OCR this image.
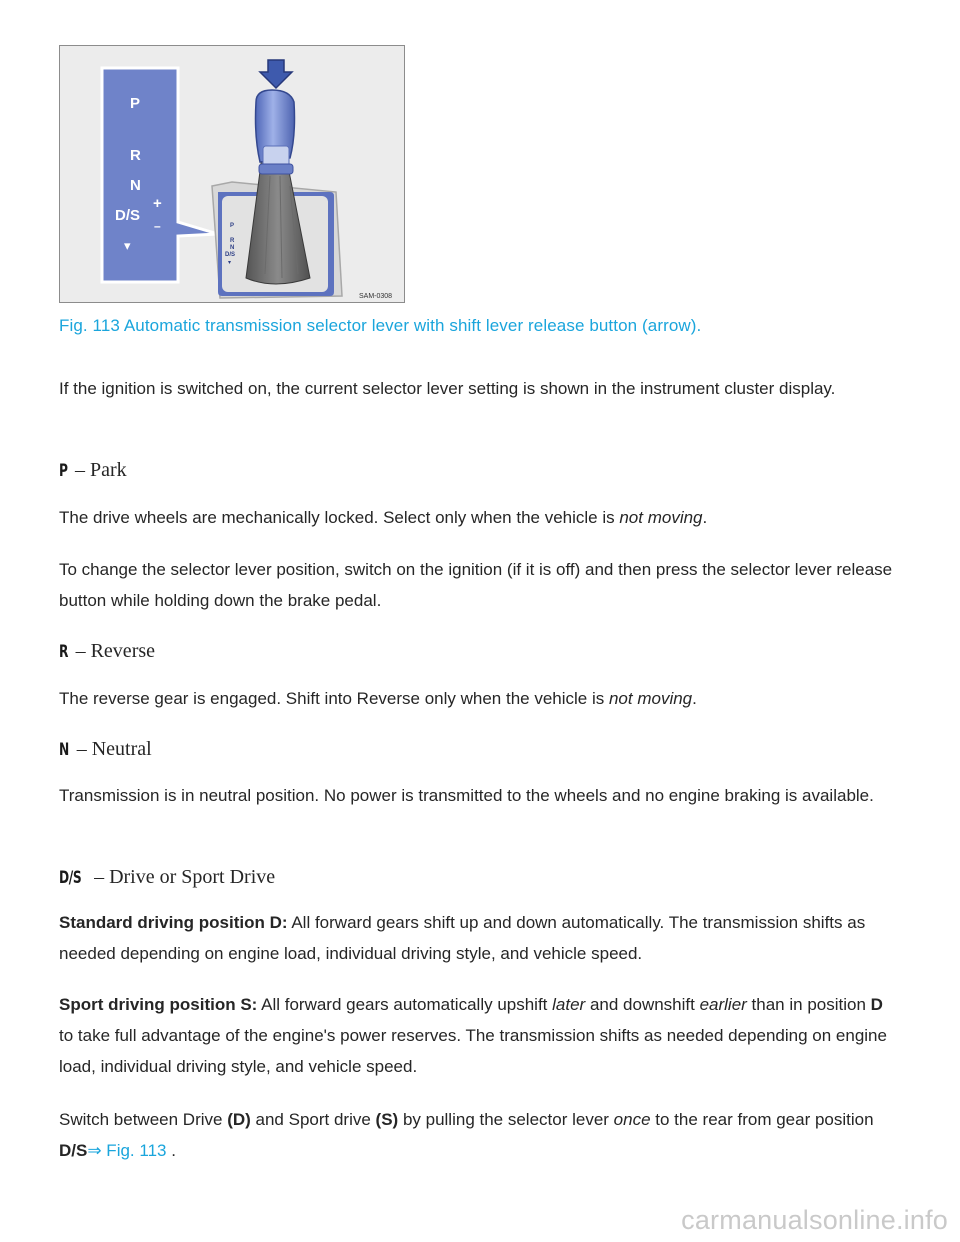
P
R
N
D/S
+
–
▾
P
R
N
D/S
▾
SAM-0308
Fig. 113 Automatic transmission selector lever with shift lever release button (arrow).

If the ignition is switched on, the current selector lever setting is shown in the instrument cluster display.

P –
Park

The drive wheels are mechanically locked. Select only when the vehicle is not moving.

To change the selector lever position, switch on the ignition (if it is off) and then press the selector lever release button while holding down the brake pedal.

R –
Reverse

The reverse gear is engaged. Shift into Reverse only when the vehicle is not moving.

N –
Neutral

Transmission is in neutral position. No power is transmitted to the wheels and no engine braking is available.

D/S –
Drive or Sport Drive

Standard driving position D: All forward gears shift up and down automatically. The transmission shifts as needed depending on engine load, individual driving style, and vehicle speed.

Sport driving position S: All forward gears automatically upshift later and downshift earlier than in position D to take full advantage of the engine's power reserves. The transmission shifts as needed depending on engine load, individual driving style, and vehicle speed.

Switch between Drive (D) and Sport drive (S) by pulling the selector lever once to the rear from gear position D/S⇒ Fig. 113 .

carmanualsonline.info
